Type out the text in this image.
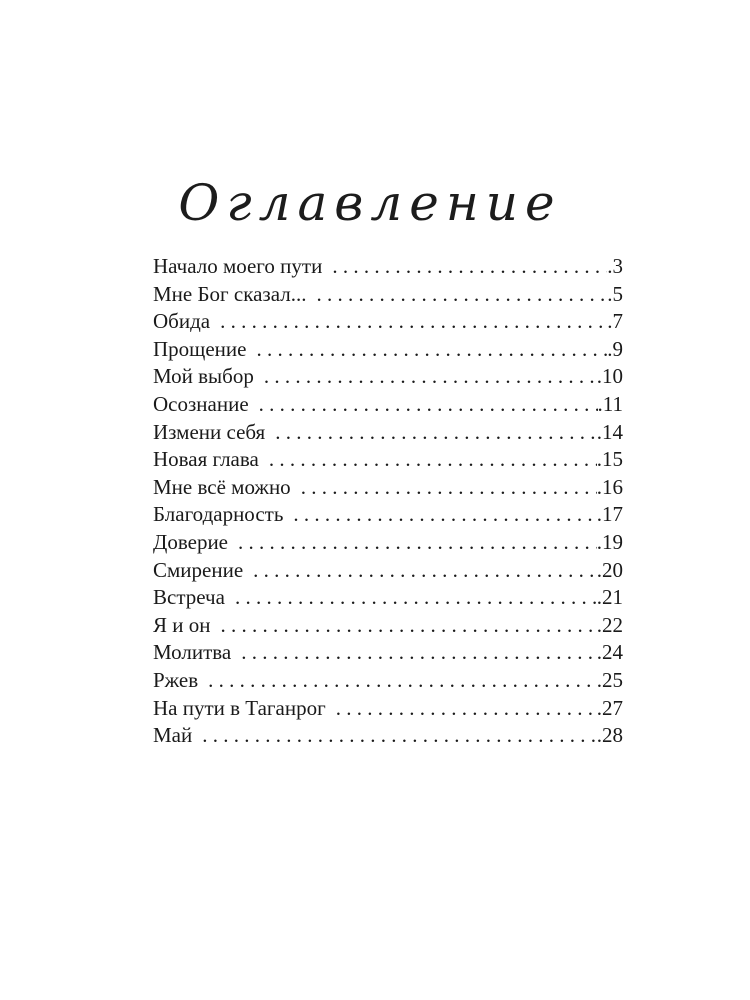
Оглавление
Начало моего пути . . .	.3
Мне Бог сказал... . . .	.5
Обида . . .	.7
Прощение . . .	.9
Мой выбор . . .	.10
Осознание . . .	.11
Измени себя . . .	.14
Новая глава . . .	.15
Мне всё можно . . .	.16
Благодарность . . .	.17
Доверие . . .	.19
Смирение . . .	.20
Встреча . . .	.21
Я и он . . .	.22
Молитва . . .	.24
Ржев . . .	.25
На пути в Таганрог . . .	.27
Май . . .	.28
